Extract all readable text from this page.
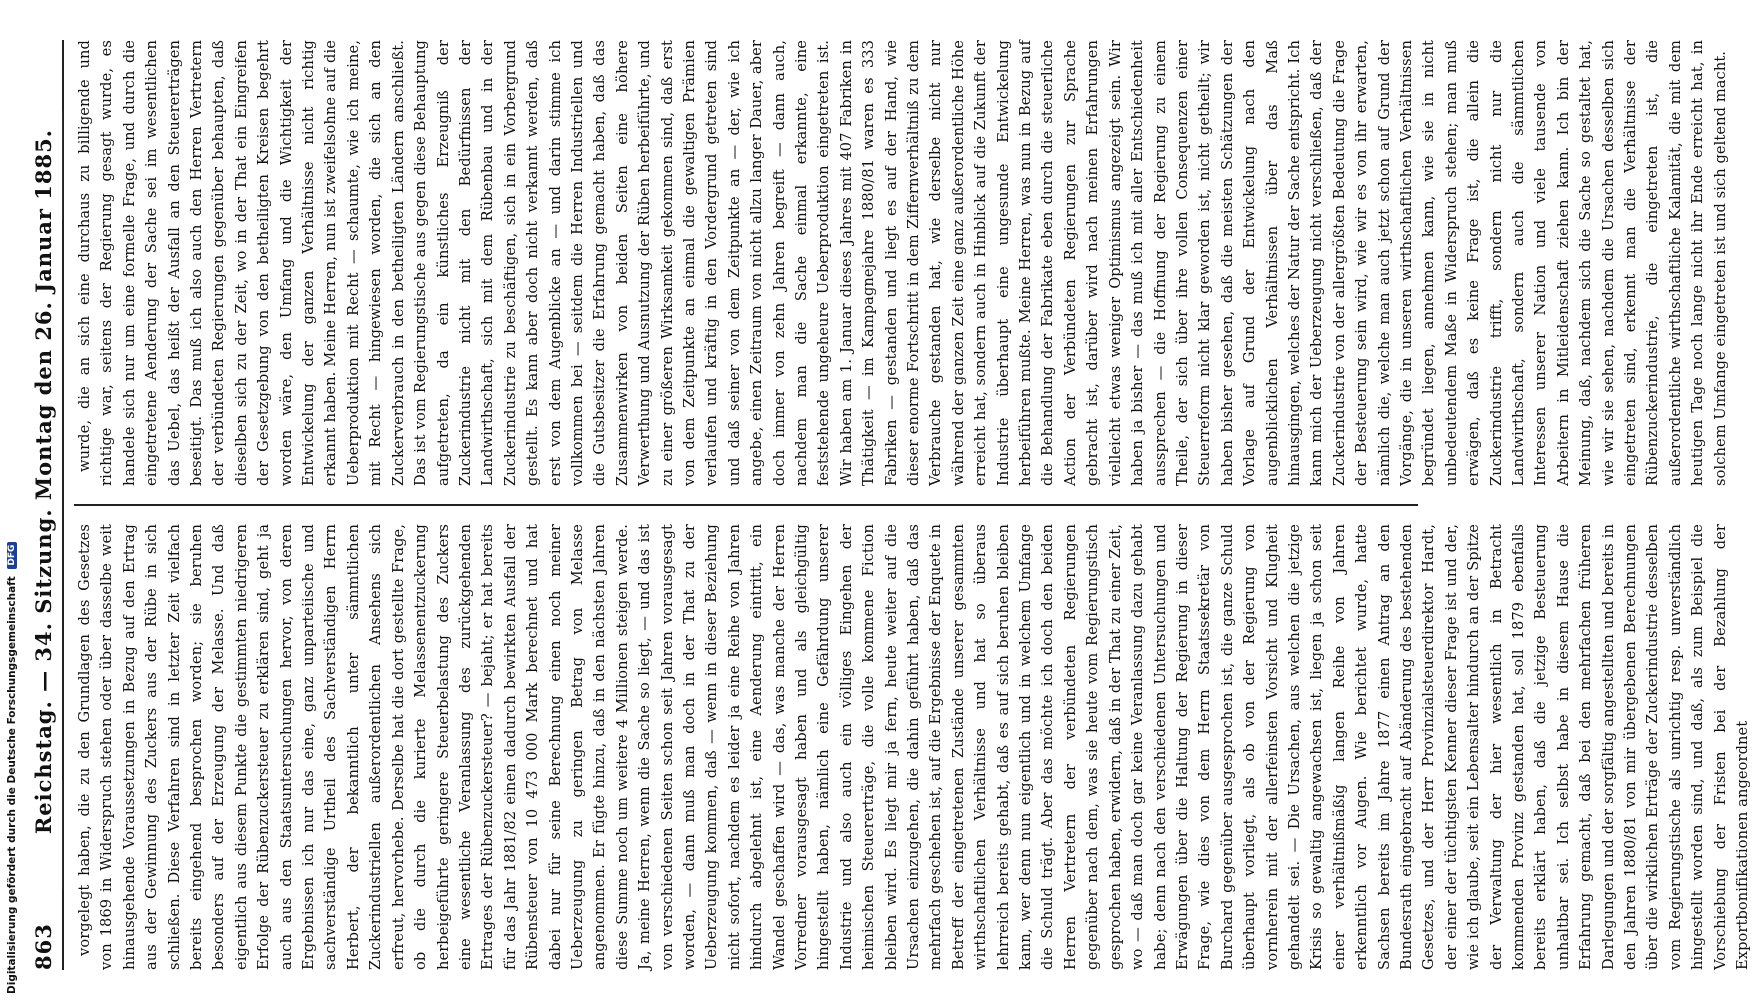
863
Reichstag. — 34. Sitzung. Montag den 26. Januar 1885. vorgelegt haben, die zu den Grundlagen des Gesetzes von 1869 in Widerspruch stehen oder über dasselbe weit hinausgehende Voraussetzungen in Bezug auf den Ertrag aus der Gewinnung des Zuckers aus der Rübe in sich schließen. Diese Verfahren sind in letzter Zeit vielfach bereits eingehend besprochen worden; sie beruhen besonders auf der Erzeugung der Melasse. Und daß eigentlich aus diesem Punkte die gestimmten niedrigeren Erfolge der Rübenzuckersteuer zu erklären sind, geht ja auch aus den Staatsuntersuchungen hervor, von deren Ergebnissen ich nur das eine, ganz unparteiische und sachverständige Urtheil des Sachverständigen Herrn Herbert, der bekanntlich unter sämmtlichen Zuckerindustriellen außerordentlichen Ansehens sich erfreut, hervorhebe. Derselbe hat die dort gestellte Frage, ob die durch die kurierte Melassenentzuckerung herbeigeführte geringere Steuerbelastung des Zuckers eine wesentliche Veranlassung des zurückgehenden Ertrages der Rübenzuckersteuer? — bejaht; er hat bereits für das Jahr 1881/82 einen dadurch bewirkten Ausfall der Rübensteuer von 10 473 000 Mark berechnet und hat dabei nur für seine Berechnung einen noch meiner Ueberzeugung zu geringen Betrag von Melasse angenommen. Er fügte hinzu, daß in den nächsten Jahren diese Summe noch um weitere 4 Millionen steigen werde. Ja, meine Herren, wenn die Sache so liegt, — und das ist von verschiedenen Seiten schon seit Jahren vorausgesagt worden, — dann muß man doch in der That zu der Ueberzeugung kommen, daß — wenn in dieser Beziehung nicht sofort, nachdem es leider ja eine Reihe von Jahren hindurch abgelehnt ist, eine Aenderung eintritt, ein Wandel geschaffen wird — das, was manche der Herren Vorredner vorausgesagt haben und als gleichgültig hingestellt haben, nämlich eine Gefährdung unserer Industrie und also auch ein völliges Eingehen der heimischen Steuererträge, die volle kommene Fiction bleiben wird. Es liegt mir ja fern, heute weiter auf die Ursachen einzugehen, die dahin geführt haben, daß das mehrfach geschehen ist, auf die Ergebnisse der Enquete in Betreff der eingetretenen Zustände unserer gesammten wirthschaftlichen Verhältnisse und hat so überaus lehrreich bereits gehabt, daß es auf sich beruhen bleiben kann, wer denn nun eigentlich und in welchem Umfange die Schuld trägt. Aber das möchte ich doch den beiden Herren Vertretern der verbündeten Regierungen gegenüber nach dem, was sie heute vom Regierungstisch gesprochen haben, erwidern, daß in der That zu einer Zeit, wo — daß man doch gar keine Veranlassung dazu gehabt habe; denn nach den verschiedenen Untersuchungen und Erwägungen über die Haltung der Regierung in dieser Frage, wie dies von dem Herrn Staatssekretär von Burchard gegenüber ausgesprochen ist, die ganze Schuld überhaupt vorliegt, als ob von der Regierung von vornherein mit der allerfeinsten Vorsicht und Klugheit gehandelt sei. — Die Ursachen, aus welchen die jetzige Krisis so gewaltig angewachsen ist, liegen ja schon seit einer verhältnißmäßig langen Reihe von Jahren erkenntlich vor Augen. Wie berichtet wurde, hatte Sachsen bereits im Jahre 1877 einen Antrag an den Bundesrath eingebracht auf Abänderung des bestehenden Gesetzes, und der Herr Provinzialsteuerdirektor Hardt, der einer der tüchtigsten Kenner dieser Frage ist und der, wie ich glaube, seit ein Lebensalter hindurch an der Spitze der Verwaltung der hier wesentlich in Betracht kommenden Provinz gestanden hat, soll 1879 ebenfalls bereits erklärt haben, daß die jetzige Besteuerung unhaltbar sei. Ich selbst habe in diesem Hause die Erfahrung gemacht, daß bei den mehrfachen früheren Darlegungen und der sorgfältig angestellten und bereits in den Jahren 1880/81 von mir übergebenen Berechnungen über die wirklichen Erträge der Zuckerindustrie desselben vom Regierungstische als unrichtig resp. unverständlich hingestellt worden sind, und daß, als zum Beispiel die Vorschiebung der Fristen bei der Bezahlung der Exportbonifikationen angeordnet

wurde, die an sich eine durchaus zu billigende und richtige war, seitens der Regierung gesagt wurde, es handele sich nur um eine formelle Frage, und durch die eingetretene Aenderung der Sache sei im wesentlichen das Uebel, das heißt der Ausfall an den Steuererträgen beseitigt. Das muß ich also auch den Herren Vertretern der verbündeten Regierungen gegenüber behaupten, daß dieselben sich zu der Zeit, wo in der That ein Eingreifen der Gesetzgebung von den betheiligten Kreisen begehrt worden wäre, den Umfang und die Wichtigkeit der Entwickelung der ganzen Verhältnisse nicht richtig erkannt haben. Meine Herren, nun ist zweifelsohne auf die Ueberproduktion mit Recht — schaumte, wie ich meine, mit Recht — hingewiesen worden, die sich an den Zuckerverbrauch in den betheiligten Ländern anschließt. Das ist vom Regierungstische aus gegen diese Behauptung aufgetreten, da ein künstliches Erzeugniß der Zuckerindustrie nicht mit den Bedürfnissen der Landwirthschaft, sich mit dem Rübenbau und in der Zuckerindustrie zu beschäftigen, sich in ein Vorbergrund gestellt. Es kann aber doch nicht verkannt werden, daß erst von dem Augenblicke an — und darin stimme ich vollkommen bei — seitdem die Herren Industriellen und die Gutsbesitzer die Erfahrung gemacht haben, daß das Zusammenwirken von beiden Seiten eine höhere Verwerthung und Ausnutzung der Rüben herbeiführte, und zu einer größeren Wirksamkeit gekommen sind, daß erst von dem Zeitpunkte an einmal die gewaltigen Prämien verlaufen und kräftig in den Vordergrund getreten sind und daß seiner von dem Zeitpunkte an — der, wie ich angebe, einen Zeitraum von nicht allzu langer Dauer, aber doch immer von zehn Jahren begreift — dann auch, nachdem man die Sache einmal erkannte, eine feststehende ungeheure Ueberproduktion eingetreten ist. Wir haben am 1. Januar dieses Jahres mit 407 Fabriken in Thätigkeit — im Kampagnejahre 1880/81 waren es 333 Fabriken — gestanden und liegt es auf der Hand, wie dieser enorme Fortschritt in dem Ziffernverhältniß zu dem Verbrauche gestanden hat, wie derselbe nicht nur während der ganzen Zeit eine ganz außerordentliche Höhe erreicht hat, sondern auch in Hinblick auf die Zukunft der Industrie überhaupt eine ungesunde Entwickelung herbeiführen mußte. Meine Herren, was nun in Bezug auf die Behandlung der Fabrikate eben durch die steuerliche Action der Verbündeten Regierungen zur Sprache gebracht ist, darüber wird nach meinen Erfahrungen vielleicht etwas weniger Optimismus angezeigt sein. Wir haben ja bisher — das muß ich mit aller Entschiedenheit aussprechen — die Hoffnung der Regierung zu einem Theile, der sich über ihre vollen Consequenzen einer Steuerreform nicht klar geworden ist, nicht getheilt; wir haben bisher gesehen, daß die meisten Schätzungen der Vorlage auf Grund der Entwickelung nach den augenblicklichen Verhältnissen über das Maß hinausgingen, welches der Natur der Sache entspricht. Ich kann mich der Ueberzeugung nicht verschließen, daß der Zuckerindustrie von der allergrößten Bedeutung die Frage der Besteuerung sein wird, wie wir es von ihr erwarten, nämlich die, welche man auch jetzt schon auf Grund der Vorgänge, die in unseren wirthschaftlichen Verhältnissen begründet liegen, annehmen kann, wie sie in nicht unbedeutendem Maße in Widerspruch stehen; man muß erwägen, daß es keine Frage ist, die allein die Zuckerindustrie trifft, sondern nicht nur die Landwirthschaft, sondern auch die sämmtlichen Interessen unserer Nation und viele tausende von Arbeitern in Mitleidenschaft ziehen kann. Ich bin der Meinung, daß, nachdem sich die Sache so gestaltet hat, wie wir sie sehen, nachdem die Ursachen desselben sich eingetreten sind, erkennt man die Verhältnisse der Rübenzuckerindustrie, die eingetreten ist, die außerordentliche wirthschaftliche Kalamität, die mit dem heutigen Tage noch lange nicht ihr Ende erreicht hat, in solchem Umfange eingetreten ist und sich geltend macht.

Digitalisierung gefördert durch die Deutsche Forschungsgemeinschaft DFG
